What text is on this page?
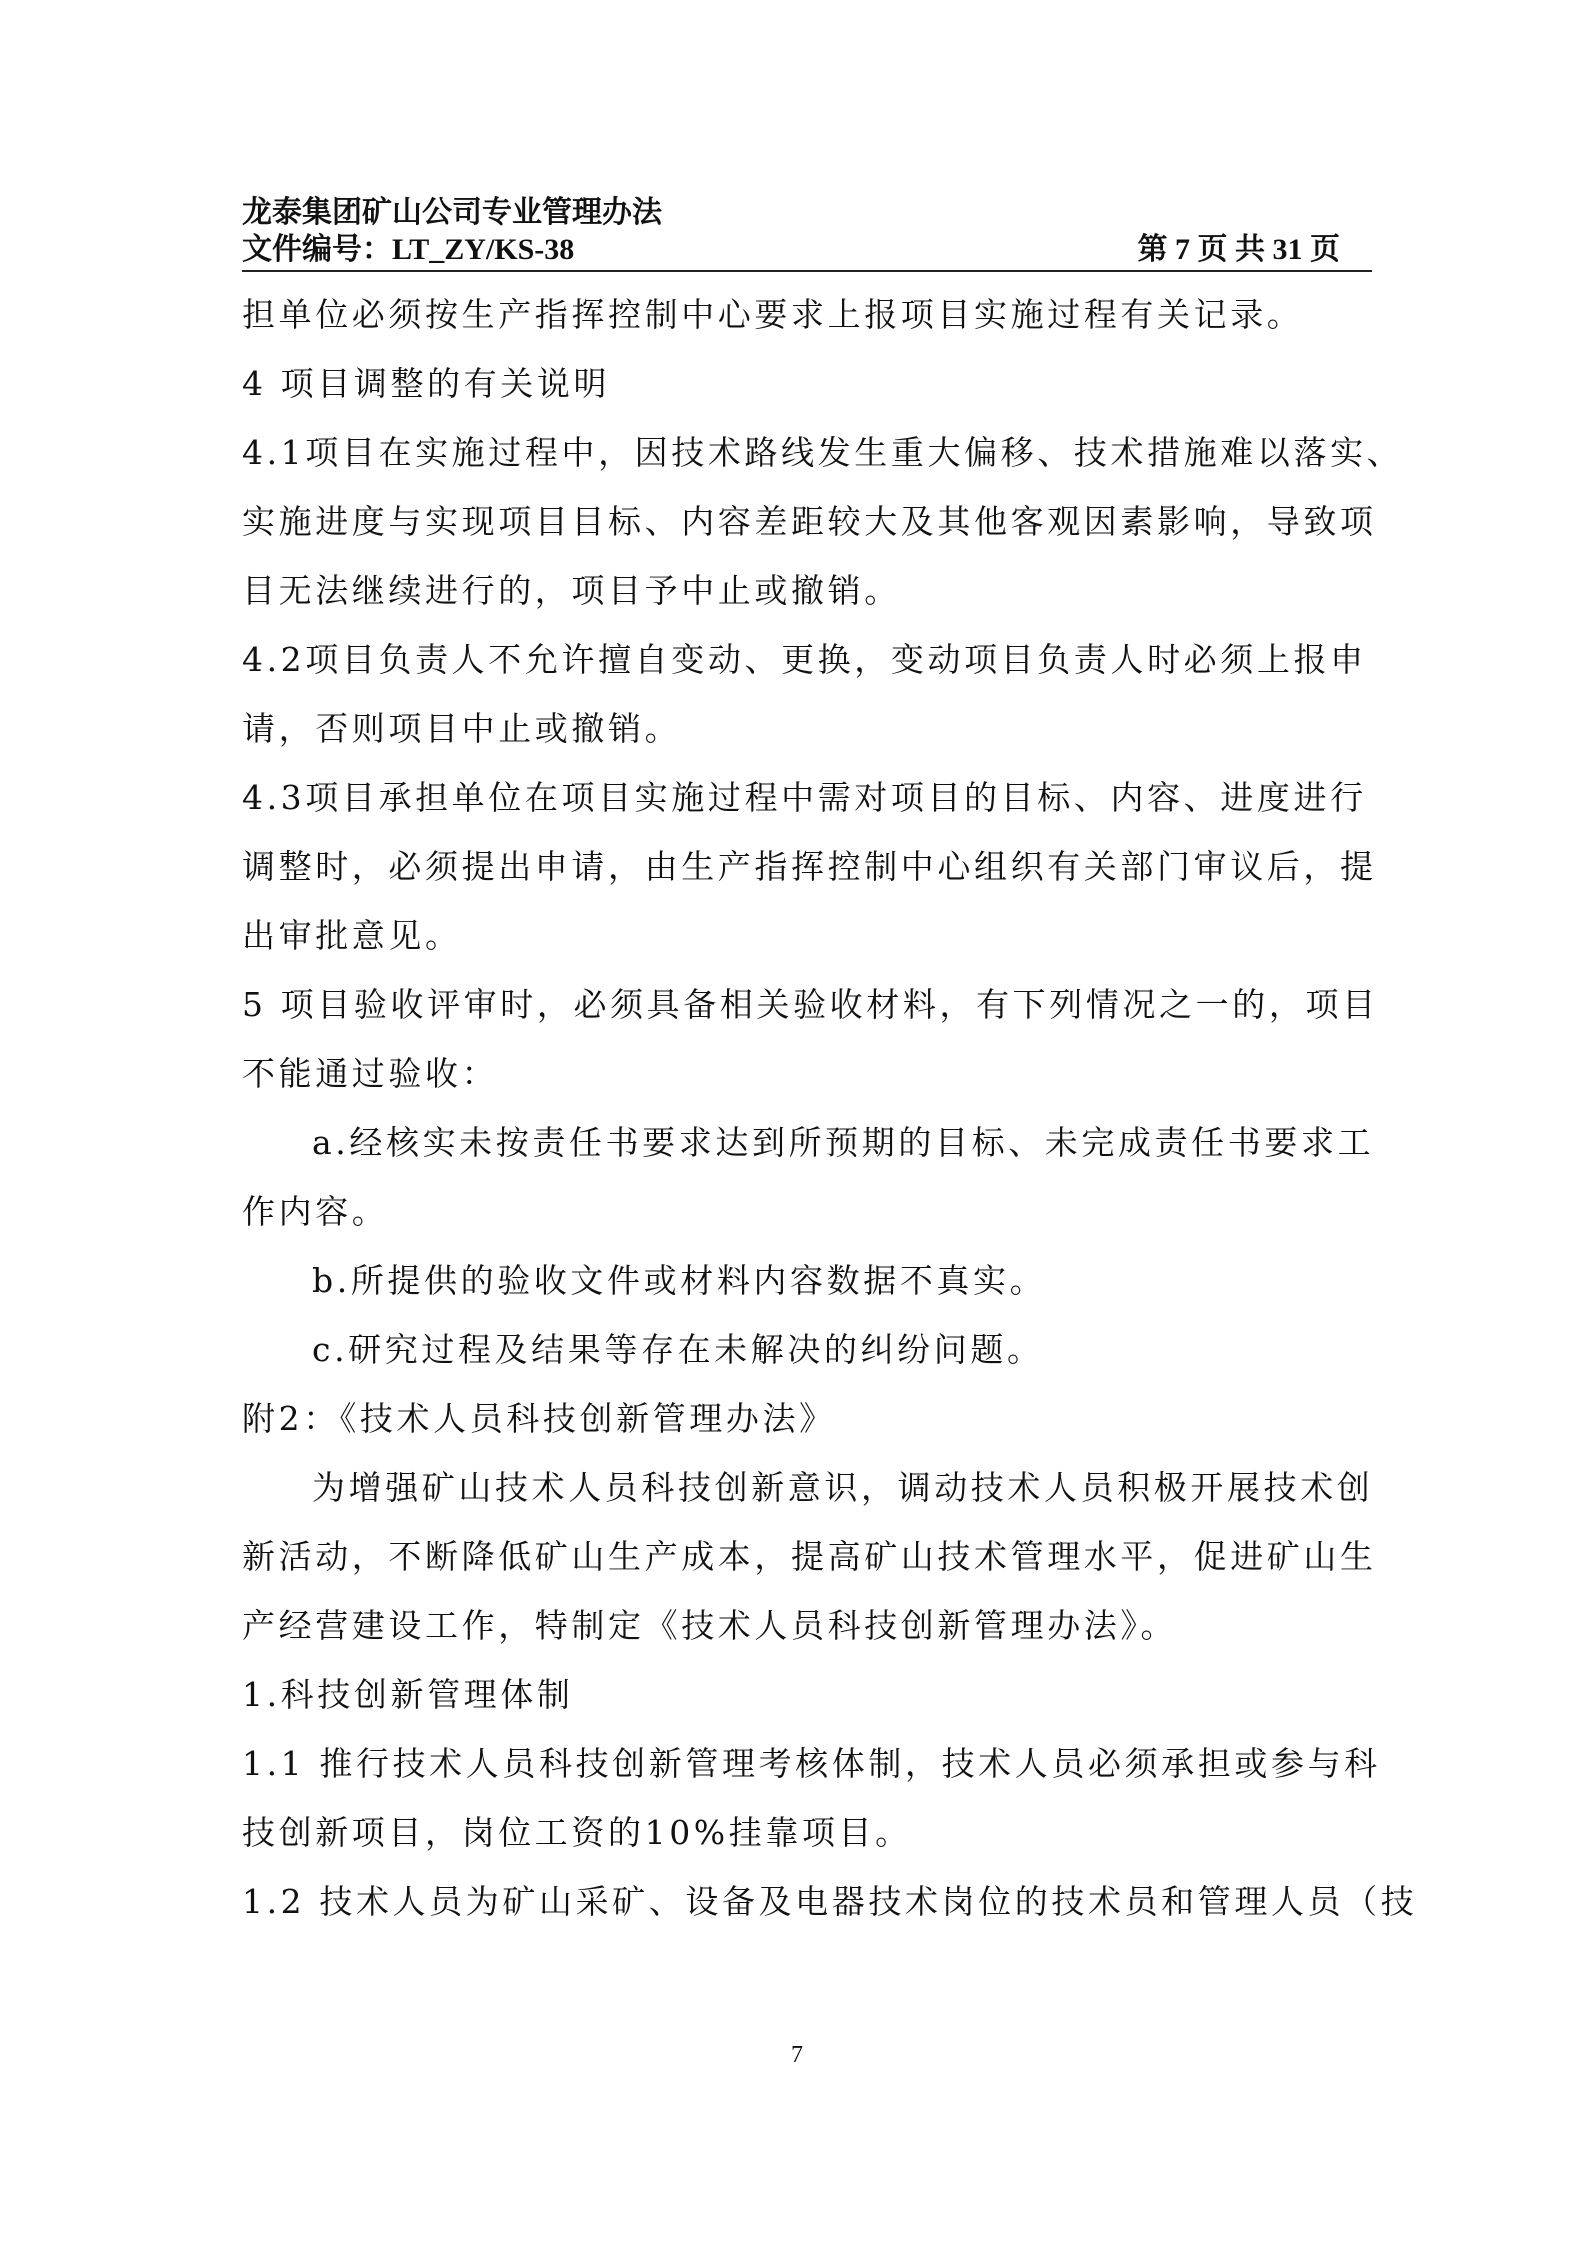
龙泰集团矿山公司专业管理办法
文件编号：LT_ZY/KS-38	第 7 页 共 31 页
担单位必须按生产指挥控制中心要求上报项目实施过程有关记录。
4 项目调整的有关说明
4.1项目在实施过程中，因技术路线发生重大偏移、技术措施难以落实、
实施进度与实现项目目标、内容差距较大及其他客观因素影响，导致项
目无法继续进行的，项目予中止或撤销。
4.2项目负责人不允许擅自变动、更换，变动项目负责人时必须上报申
请，否则项目中止或撤销。
4.3项目承担单位在项目实施过程中需对项目的目标、内容、进度进行
调整时，必须提出申请，由生产指挥控制中心组织有关部门审议后，提
出审批意见。
5 项目验收评审时，必须具备相关验收材料，有下列情况之一的，项目
不能通过验收：
a.经核实未按责任书要求达到所预期的目标、未完成责任书要求工
作内容。
b.所提供的验收文件或材料内容数据不真实。
c.研究过程及结果等存在未解决的纠纷问题。
附2：《技术人员科技创新管理办法》
为增强矿山技术人员科技创新意识，调动技术人员积极开展技术创
新活动，不断降低矿山生产成本，提高矿山技术管理水平，促进矿山生
产经营建设工作，特制定《技术人员科技创新管理办法》。
1.科技创新管理体制
1.1 推行技术人员科技创新管理考核体制，技术人员必须承担或参与科
技创新项目，岗位工资的10%挂靠项目。
1.2 技术人员为矿山采矿、设备及电器技术岗位的技术员和管理人员（技
7
